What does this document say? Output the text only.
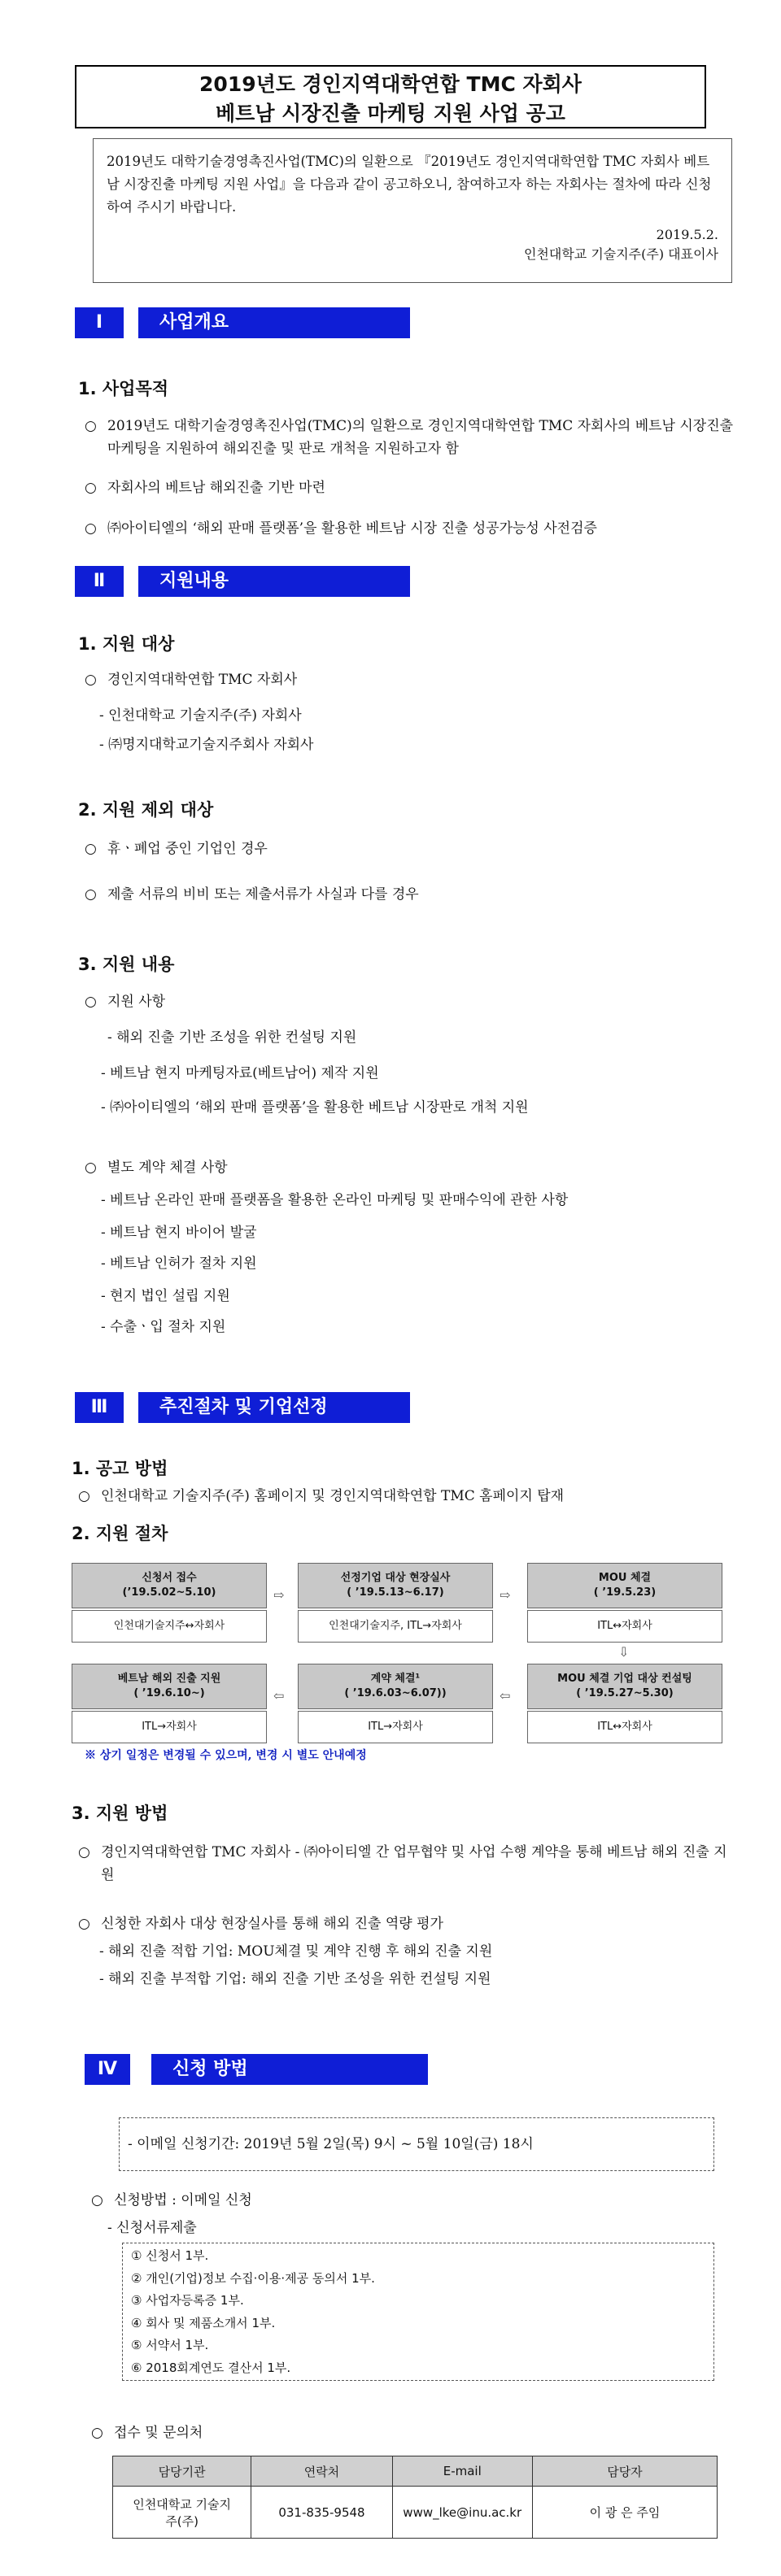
2019년도 경인지역대학연합 TMC 자회사
베트남 시장진출 마케팅 지원 사업 공고
2019년도 대학기술경영촉진사업(TMC)의 일환으로 『2019년도 경인지역대학연합 TMC 자회사 베트남 시장진출 마케팅 지원 사업』을 다음과 같이 공고하오니, 참여하고자 하는 자회사는 절차에 따라 신청하여 주시기 바랍니다.
2019.5.2.
인천대학교 기술지주(주) 대표이사
Ⅰ	사업개요
1. 사업목적
○ 2019년도 대학기술경영촉진사업(TMC)의 일환으로 경인지역대학연합 TMC 자회사의 베트남 시장진출 마케팅을 지원하여 해외진출 및 판로 개척을 지원하고자 함
○ 자회사의 베트남 해외진출 기반 마련
○ ㈜아이티엘의 ‘해외 판매 플랫폼’을 활용한 베트남 시장 진출 성공가능성 사전검증
Ⅱ	지원내용
1. 지원 대상
○ 경인지역대학연합 TMC 자회사
- 인천대학교 기술지주(주) 자회사
- ㈜명지대학교기술지주회사 자회사
2. 지원 제외 대상
○ 휴ㆍ폐업 중인 기업인 경우
○ 제출 서류의 비비 또는 제출서류가 사실과 다를 경우
3. 지원 내용
○ 지원 사항
- 해외 진출 기반 조성을 위한 컨설팅 지원
- 베트남 현지 마케팅자료(베트남어) 제작 지원
- ㈜아이티엘의 ‘해외 판매 플랫폼’을 활용한 베트남 시장판로 개척 지원
○ 별도 계약 체결 사항
- 베트남 온라인 판매 플랫폼을 활용한 온라인 마케팅 및 판매수익에 관한 사항
- 베트남 현지 바이어 발굴
- 베트남 인허가 절차 지원
- 현지 법인 설립 지원
- 수출ㆍ입 절차 지원
Ⅲ	추진절차 및 기업선정
1. 공고 방법
○ 인천대학교 기술지주(주) 홈페이지 및 경인지역대학연합 TMC 홈페이지 탑재
2. 지원 절차
신청서 접수
(’19.5.02~5.10)
인천대기술지주↔자회사
⇨
선정기업 대상 현장실사
( ’19.5.13~6.17)
인천대기술지주, ITL→자회사
⇨
MOU 체결
( ’19.5.23)
ITL↔자회사
⇩
MOU 체결 기업 대상 컨설팅
( ’19.5.27~5.30)
ITL↔자회사
⇦
계약 체결¹
( ’19.6.03~6.07))
ITL→자회사
⇦
베트남 해외 진출 지원
( ’19.6.10~)
ITL→자회사
※ 상기 일정은 변경될 수 있으며, 변경 시 별도 안내예정
3. 지원 방법
○ 경인지역대학연합 TMC 자회사 - ㈜아이티엘 간 업무협약 및 사업 수행 계약을 통해 베트남 해외 진출 지원
○ 신청한 자회사 대상 현장실사를 통해 해외 진출 역량 평가
- 해외 진출 적합 기업: MOU체결 및 계약 진행 후 해외 진출 지원
- 해외 진출 부적합 기업: 해외 진출 기반 조성을 위한 컨설팅 지원
Ⅳ	신청 방법
- 이메일 신청기간: 2019년 5월 2일(목) 9시 ~ 5월 10일(금) 18시
○ 신청방법 : 이메일 신청
- 신청서류제출
① 신청서 1부.
② 개인(기업)정보 수집·이용·제공 동의서 1부.
③ 사업자등록증 1부.
④ 회사 및 제품소개서 1부.
⑤ 서약서 1부.
⑥ 2018회계연도 결산서 1부.
○ 접수 및 문의처
담당기관	연락처	E-mail	담당자
인천대학교 기술지주(주)	031-835-9548	www_lke@inu.ac.kr	이 광 은 주임
